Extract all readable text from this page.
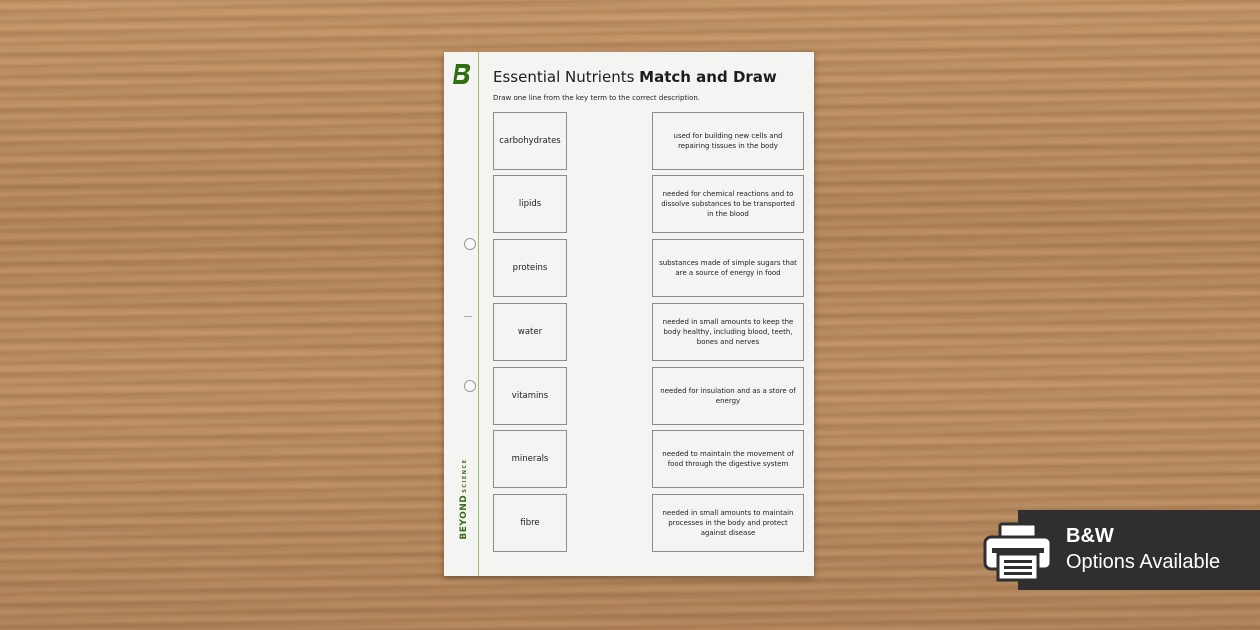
BEYONDSCIENCE
Essential Nutrients Match and Draw
Draw one line from the key term to the correct description.
carbohydrates
lipids
proteins
water
vitamins
minerals
fibre
used for building new cells and repairing tissues in the body
needed for chemical reactions and to dissolve substances to be transported in the blood
substances made of simple sugars that are a source of energy in food
needed in small amounts to keep the body healthy, including blood, teeth, bones and nerves
needed for insulation and as a store of energy
needed to maintain the movement of food through the digestive system
needed in small amounts to maintain processes in the body and protect against disease	B&W
Options Available
